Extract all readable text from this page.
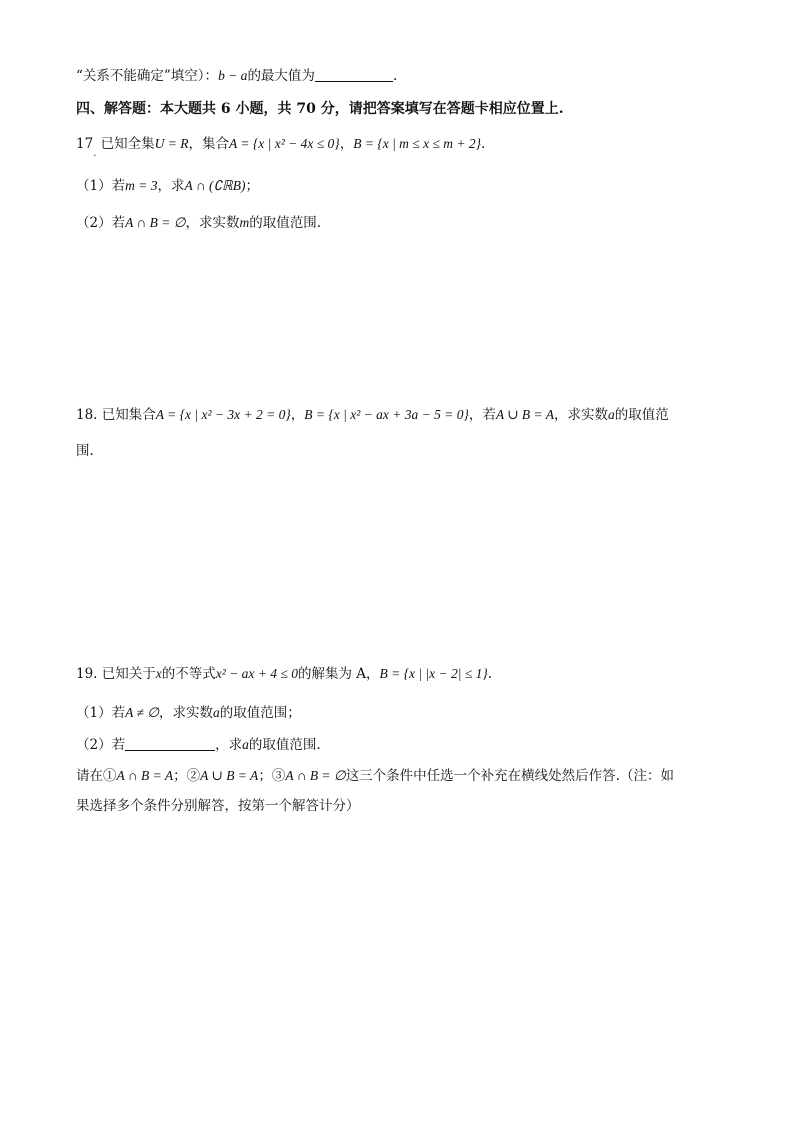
“关系不能确定”填空）：b − a的最大值为	.
四、解答题：本大题共 6 小题，共 70 分，请把答案填写在答题卡相应位置上.
$17_.$ 已知全集U = R，集合A = {x | x² − 4x ≤ 0}，B = {x | m ≤ x ≤ m + 2}.
（1）若m = 3，求A ∩ (∁ℝB)；
（2）若A ∩ B = ∅，求实数m的取值范围.
18. 已知集合A = {x | x² − 3x + 2 = 0}，B = {x | x² − ax + 3a − 5 = 0}，若A ∪ B = A，求实数a的取值范
围.
19. 已知关于x的不等式x² − ax + 4 ≤ 0的解集为 A，B = {x | |x − 2| ≤ 1}.
（1）若A ≠ ∅，求实数a的取值范围；
（2）若	，求a的取值范围.
请在①A ∩ B = A；②A ∪ B = A；③A ∩ B = ∅这三个条件中任选一个补充在横线处然后作答.（注：如
果选择多个条件分别解答，按第一个解答计分）
